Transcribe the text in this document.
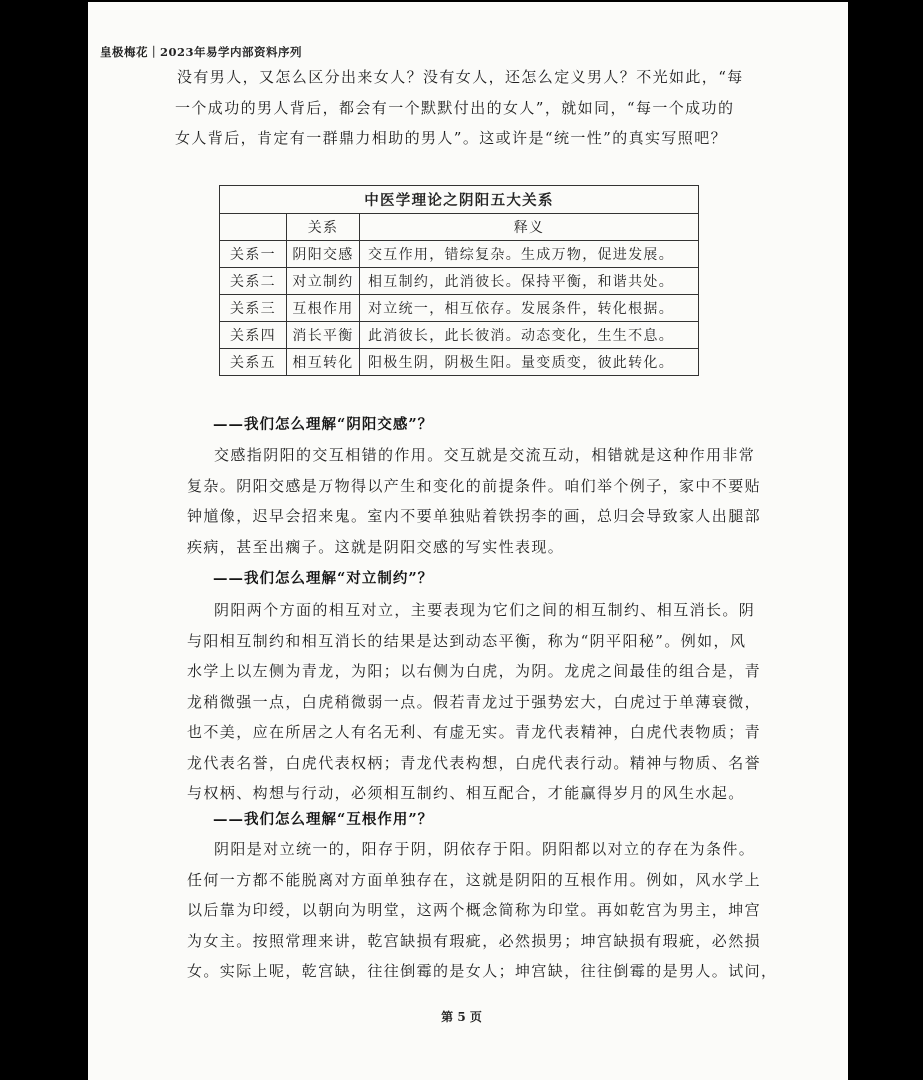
皇极梅花｜2023年易学内部资料序列

没有男人，又怎么区分出来女人？没有女人，还怎么定义男人？不光如此，“每

一个成功的男人背后，都会有一个默默付出的女人”，就如同，“每一个成功的

女人背后，肯定有一群鼎力相助的男人”。这或许是“统一性”的真实写照吧？

中医学理论之阴阳五大关系		
	关系	释义
关系一	阴阳交感	交互作用，错综复杂。生成万物，促进发展。
关系二	对立制约	相互制约，此消彼长。保持平衡，和谐共处。
关系三	互根作用	对立统一，相互依存。发展条件，转化根据。
关系四	消长平衡	此消彼长，此长彼消。动态变化，生生不息。
关系五	相互转化	阳极生阴，阴极生阳。量变质变，彼此转化。
——我们怎么理解“阴阳交感”？

交感指阴阳的交互相错的作用。交互就是交流互动，相错就是这种作用非常

复杂。阴阳交感是万物得以产生和变化的前提条件。咱们举个例子，家中不要贴

钟馗像，迟早会招来鬼。室内不要单独贴着铁拐李的画，总归会导致家人出腿部

疾病，甚至出瘸子。这就是阴阳交感的写实性表现。

——我们怎么理解“对立制约”？

阴阳两个方面的相互对立，主要表现为它们之间的相互制约、相互消长。阴

与阳相互制约和相互消长的结果是达到动态平衡，称为“阴平阳秘”。例如，风

水学上以左侧为青龙，为阳；以右侧为白虎，为阴。龙虎之间最佳的组合是，青

龙稍微强一点，白虎稍微弱一点。假若青龙过于强势宏大，白虎过于单薄衰微，

也不美，应在所居之人有名无利、有虚无实。青龙代表精神，白虎代表物质；青

龙代表名誉，白虎代表权柄；青龙代表构想，白虎代表行动。精神与物质、名誉

与权柄、构想与行动，必须相互制约、相互配合，才能赢得岁月的风生水起。

——我们怎么理解“互根作用”？

阴阳是对立统一的，阳存于阴，阴依存于阳。阴阳都以对立的存在为条件。

任何一方都不能脱离对方面单独存在，这就是阴阳的互根作用。例如，风水学上

以后靠为印绶，以朝向为明堂，这两个概念简称为印堂。再如乾宫为男主，坤宫

为女主。按照常理来讲，乾宫缺损有瑕疵，必然损男；坤宫缺损有瑕疵，必然损

女。实际上呢，乾宫缺，往往倒霉的是女人；坤宫缺，往往倒霉的是男人。试问，

第 5 页
